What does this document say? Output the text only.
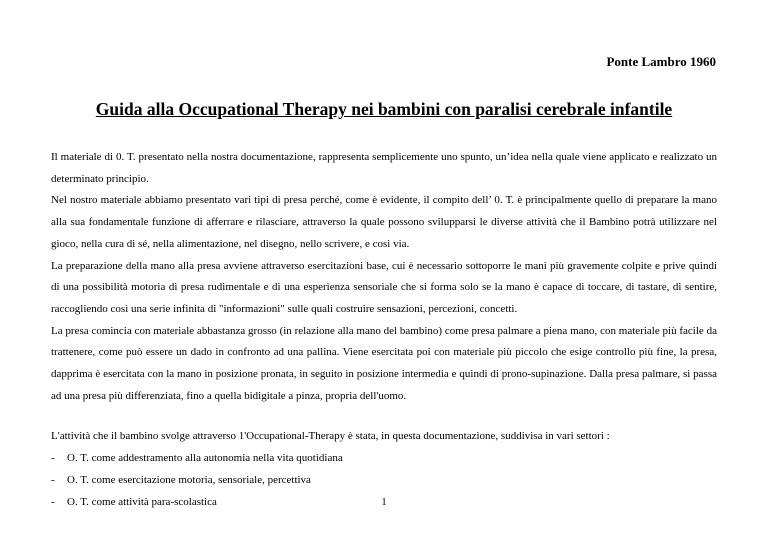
Ponte Lambro 1960
Guida alla Occupational Therapy nei bambini con paralisi cerebrale infantile

Il materiale di 0. T. presentato nella nostra documentazione, rappresenta semplicemente uno spunto, un’idea nella quale viene applicato e realizzato un determinato principio.

Nel nostro materiale abbiamo presentato vari tipi di presa perché, come è evidente, il compito dell’ 0. T. è principalmente quello di preparare la mano alla sua fondamentale funzione di afferrare e rilasciare, attraverso la quale possono svilupparsi le diverse attività che il Bambino potrà utilizzare nel gioco, nella cura di sé, nella alimentazione, nel disegno, nello scrivere, e cosi via.

La preparazione della mano alla presa avviene attraverso esercitazioni base, cui è necessario sottoporre le mani più gravemente colpite e prive quindi di una possibilità motoria di presa rudimentale e di una esperienza sensoriale che si forma solo se la mano è capace di toccare, di tastare, di sentire, raccogliendo così una serie infinita di "informazioni" sulle quali costruire sensazioni, percezioni, concetti.

La presa comincia con materiale abbastanza grosso (in relazione alla mano del bambino) come presa palmare a piena mano, con materiale più facile da trattenere, come può essere un dado in confronto ad una pallina. Viene esercitata poi con materiale più piccolo che esige controllo più fine, la presa, dapprima è esercitata con la mano in posizione pronata, in seguito in posizione intermedia e quindi di prono-supinazione. Dalla presa palmare, si passa ad una presa più differenziata, fino a quella bidigitale a pinza, propria dell'uomo.

L'attività che il bambino svolge attraverso 1'Occupational-Therapy è stata, in questa documentazione, suddivisa in vari settori :

-	O. T. come addestramento alla autonomia nella vita quotidiana
-	O. T. come esercitazione motoria, sensoriale, percettiva
-	O. T. come attività para-scolastica	1
